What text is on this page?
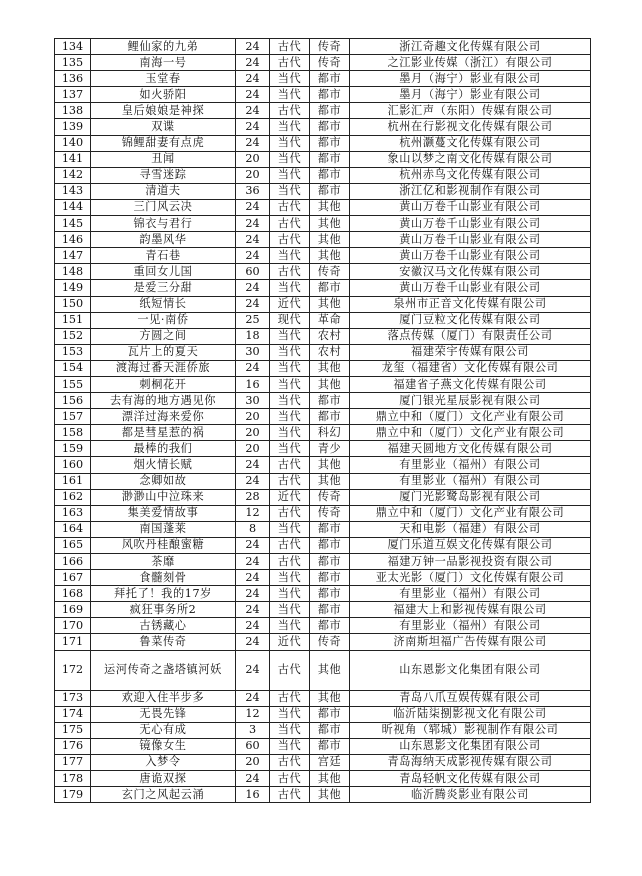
134	鲤仙家的九弟	24	古代	传奇	浙江奇趣文化传媒有限公司
135	南海一号	24	古代	传奇	之江影业传媒（浙江）有限公司
136	玉堂春	24	当代	都市	墨月（海宁）影业有限公司
137	如火骄阳	24	当代	都市	墨月（海宁）影业有限公司
138	皇后娘娘是神探	24	古代	都市	汇影汇声（东阳）传媒有限公司
139	双谍	24	当代	都市	杭州在行影视文化传媒有限公司
140	锦鲤甜妻有点虎	24	当代	都市	杭州灏蔓文化传媒有限公司
141	丑闻	20	当代	都市	象山以梦之南文化传媒有限公司
142	寻雪迷踪	20	当代	都市	杭州赤鸟文化传媒有限公司
143	清道夫	36	当代	都市	浙江亿和影视制作有限公司
144	三门风云决	24	古代	其他	黄山万卷千山影业有限公司
145	锦衣与君行	24	古代	其他	黄山万卷千山影业有限公司
146	韵墨风华	24	古代	其他	黄山万卷千山影业有限公司
147	青石巷	24	当代	其他	黄山万卷千山影业有限公司
148	重回女儿国	60	古代	传奇	安徽汉马文化传媒有限公司
149	是爱三分甜	24	当代	都市	黄山万卷千山影业有限公司
150	纸短情长	24	近代	其他	泉州市正音文化传媒有限公司
151	一见·南侨	25	现代	革命	厦门豆粒文化传媒有限公司
152	方圆之间	18	当代	农村	落点传媒（厦门）有限责任公司
153	瓦片上的夏天	30	当代	农村	福建荣宇传媒有限公司
154	渡海过番天涯侨旅	24	当代	其他	龙玺（福建省）文化传媒有限公司
155	刺桐花开	16	当代	其他	福建省子燕文化传媒有限公司
156	去有海的地方遇见你	30	当代	都市	厦门银光星辰影视有限公司
157	漂洋过海来爱你	20	当代	都市	鼎立中和（厦门）文化产业有限公司
158	都是彗星惹的祸	20	当代	科幻	鼎立中和（厦门）文化产业有限公司
159	最棒的我们	20	当代	青少	福建天圆地方文化传媒有限公司
160	烟火情长赋	24	古代	其他	有里影业（福州）有限公司
161	念卿如故	24	古代	其他	有里影业（福州）有限公司
162	渺渺山中泣珠来	28	近代	传奇	厦门光影鹭岛影视有限公司
163	集美爱情故事	12	古代	传奇	鼎立中和（厦门）文化产业有限公司
164	南国蓬莱	8	当代	都市	天和电影（福建）有限公司
165	风吹丹桂酿蜜糖	24	古代	都市	厦门乐道互娱文化传媒有限公司
166	茶靡	24	古代	都市	福建万钟一品影视投资有限公司
167	食髓刻骨	24	当代	都市	亚太光影（厦门）文化传媒有限公司
168	拜托了！我的17岁	24	当代	都市	有里影业（福州）有限公司
169	疯狂事务所2	24	当代	都市	福建大上和影视传媒有限公司
170	古锈藏心	24	当代	都市	有里影业（福州）有限公司
171	鲁菜传奇	24	近代	传奇	济南斯坦福广告传媒有限公司
172	运河传奇之盏塔镇河妖	24	古代	其他	山东恩影文化集团有限公司
173	欢迎入住半步多	24	古代	其他	青岛八爪互娱传媒有限公司
174	无畏先锋	12	当代	都市	临沂陆柒捌影视文化有限公司
175	无心有成	3	当代	都市	昕视角（郓城）影视制作有限公司
176	镜像女生	60	当代	都市	山东恩影文化集团有限公司
177	入梦令	20	古代	宫廷	青岛海纳天成影视传媒有限公司
178	唐诡双探	24	古代	其他	青岛轻帆文化传媒有限公司
179	玄门之风起云涌	16	古代	其他	临沂腾炎影业有限公司
